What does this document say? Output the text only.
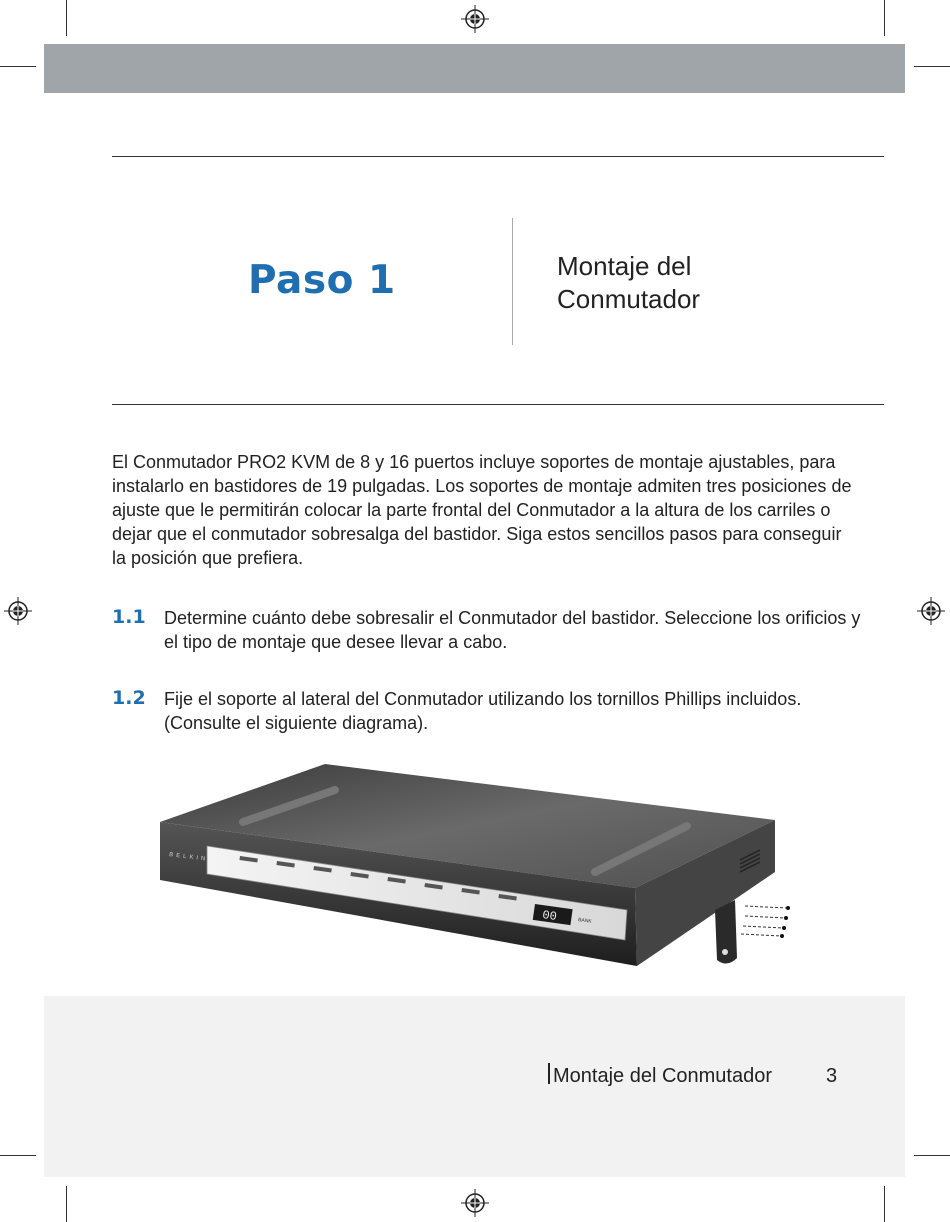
Paso 1	Montaje del
Conmutador
El Conmutador PRO2 KVM de 8 y 16 puertos incluye soportes de montaje ajustables, para instalarlo en bastidores de 19 pulgadas. Los soportes de montaje admiten tres posiciones de ajuste que le permitirán colocar la parte frontal del Conmutador a la altura de los carriles o dejar que el conmutador sobresalga del bastidor. Siga estos sencillos pasos para conseguir la posición que prefiera.
1.1 Determine cuánto debe sobresalir el Conmutador del bastidor. Seleccione los orificios y el tipo de montaje que desee llevar a cabo.
1.2 Fije el soporte al lateral del Conmutador utilizando los tornillos Phillips incluidos. (Consulte el siguiente diagrama).
00	BANK
BELKIN
Montaje del Conmutador	3
